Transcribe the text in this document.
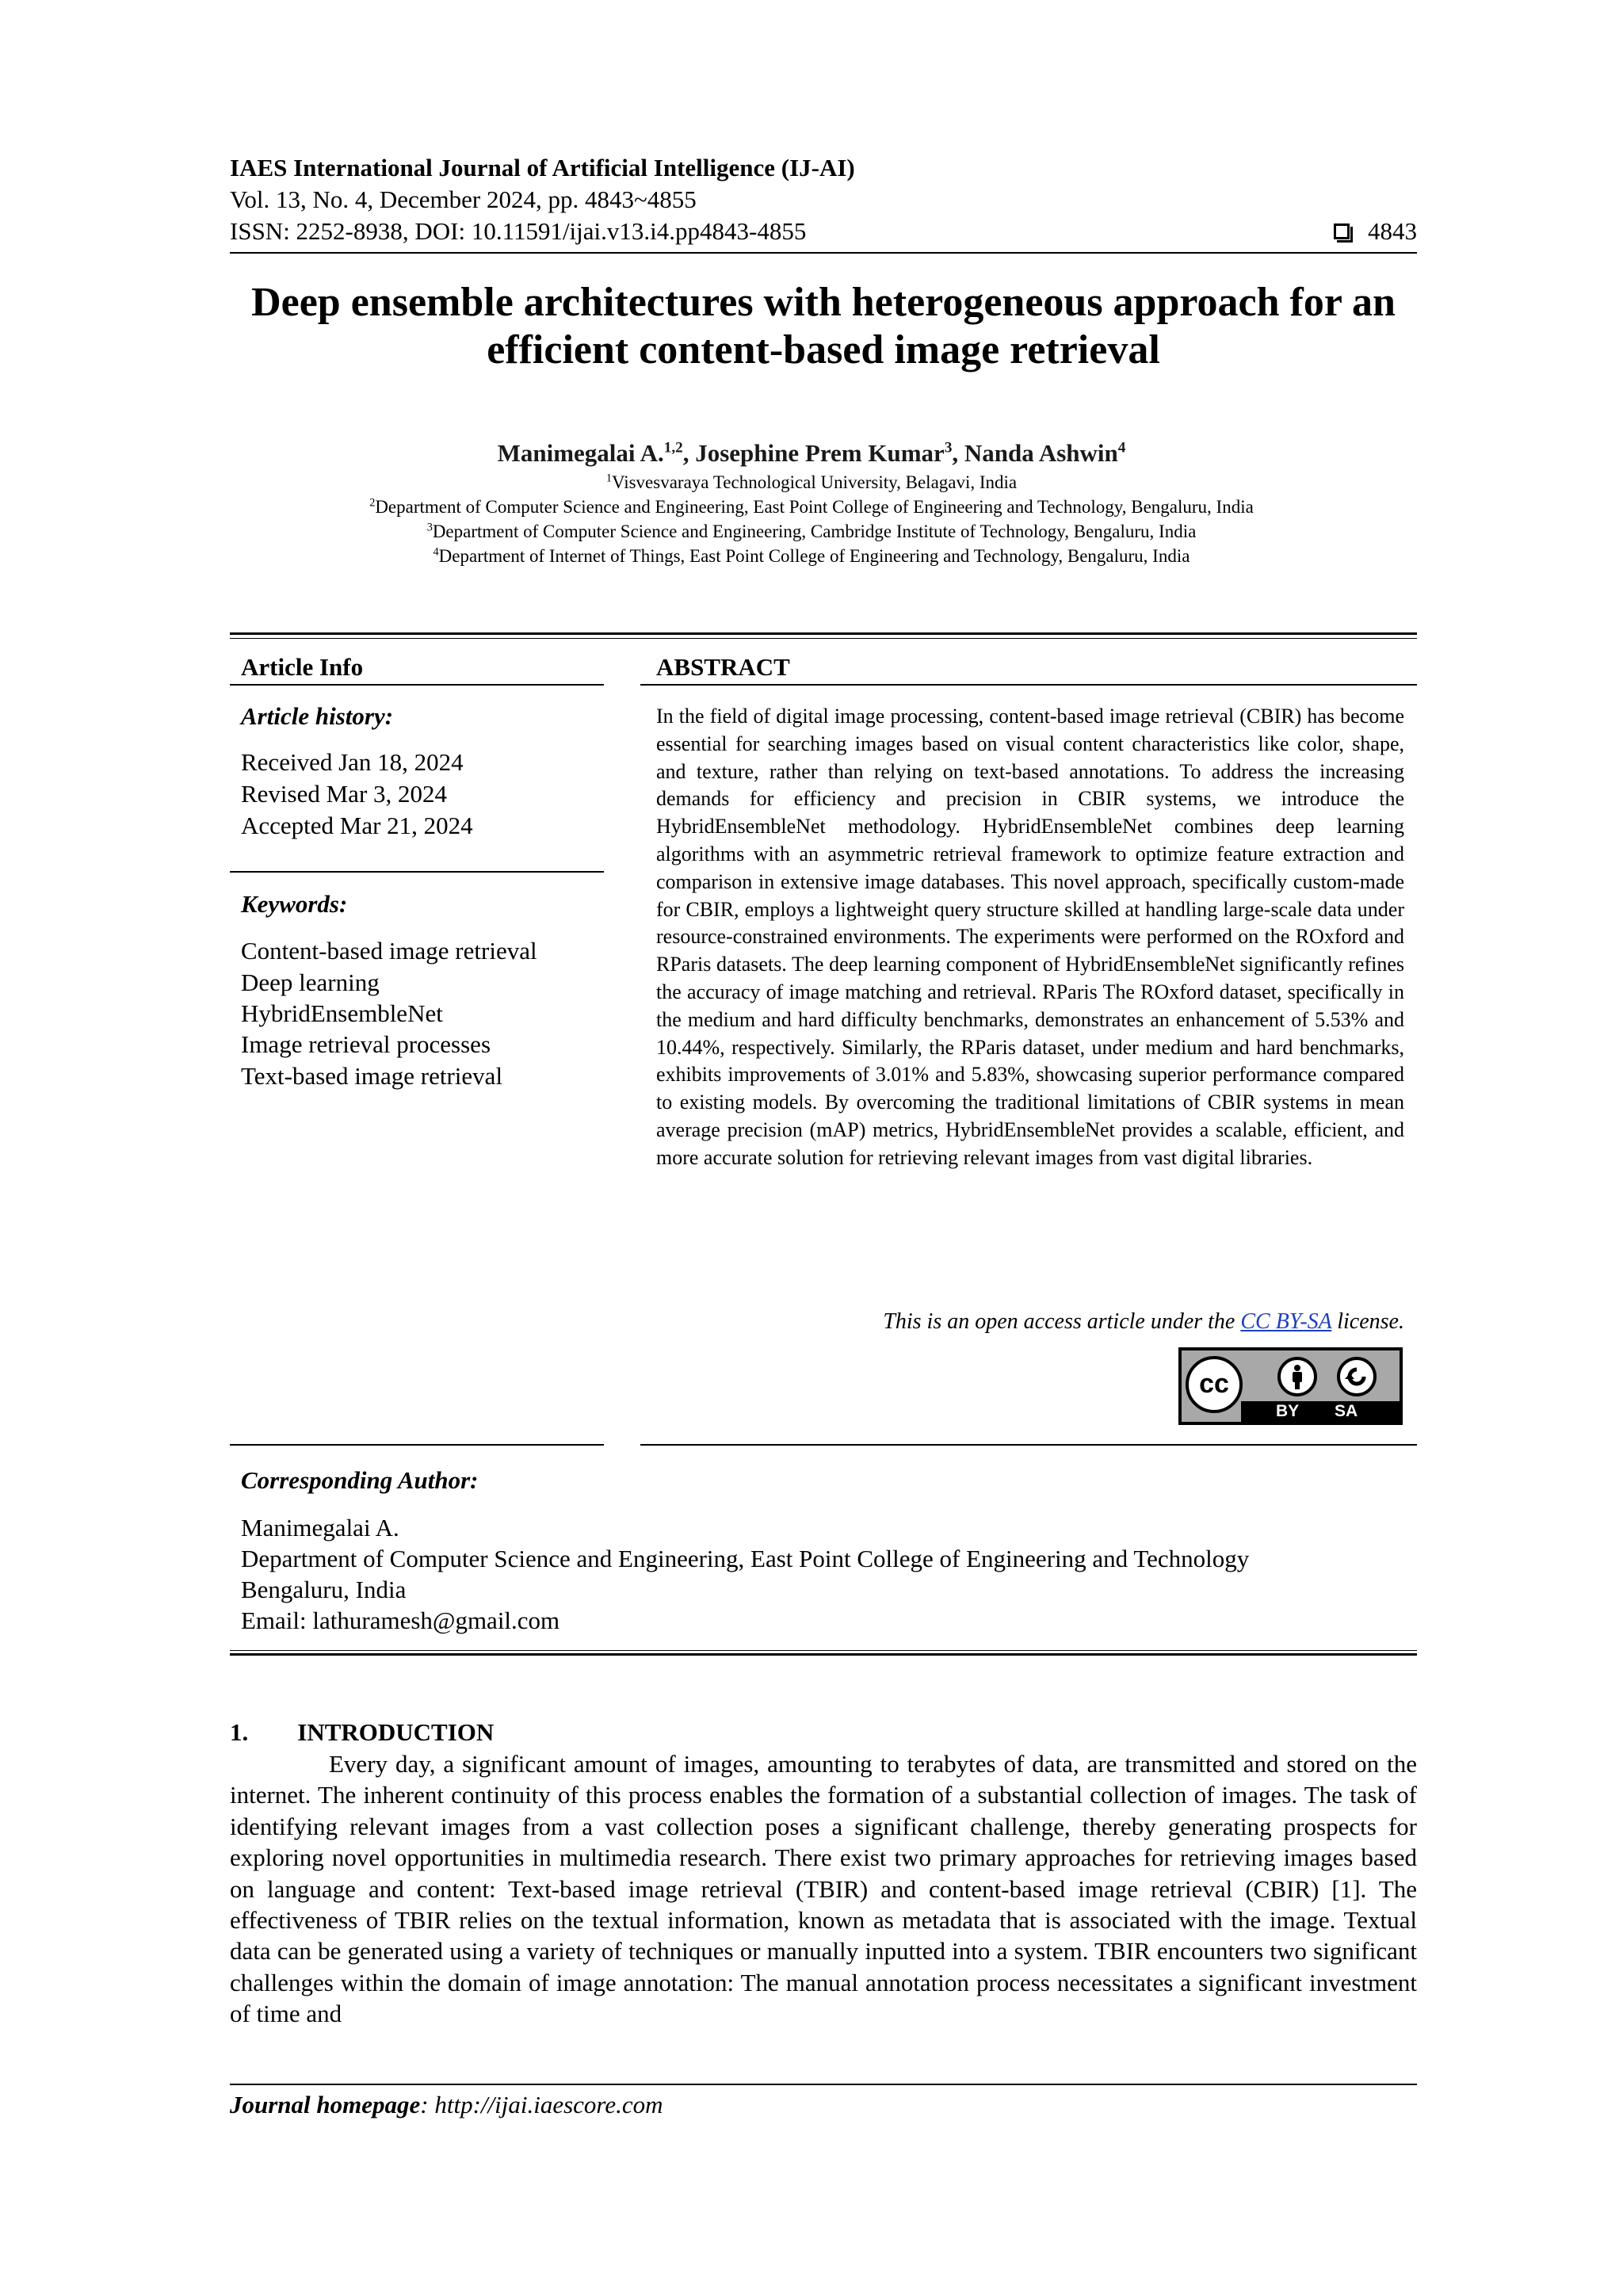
IAES International Journal of Artificial Intelligence (IJ-AI)
Vol. 13, No. 4, December 2024, pp. 4843~4855
ISSN: 2252-8938, DOI: 10.11591/ijai.v13.i4.pp4843-4855	4843
Deep ensemble architectures with heterogeneous approach for an efficient content-based image retrieval
Manimegalai A.$^{1,2}$, Josephine Prem Kumar$^3$, Nanda Ashwin$^4$
$^1$Visvesvaraya Technological University, Belagavi, India
$^2$Department of Computer Science and Engineering, East Point College of Engineering and Technology, Bengaluru, India
$^3$Department of Computer Science and Engineering, Cambridge Institute of Technology, Bengaluru, India
$^4$Department of Internet of Things, East Point College of Engineering and Technology, Bengaluru, India
Article Info
Article history:
Received Jan 18, 2024
Revised Mar 3, 2024
Accepted Mar 21, 2024
Keywords:
Content-based image retrieval
Deep learning
HybridEnsembleNet
Image retrieval processes
Text-based image retrieval
ABSTRACT

In the field of digital image processing, content-based image retrieval (CBIR) has become essential for searching images based on visual content characteristics like color, shape, and texture, rather than relying on text-based annotations. To address the increasing demands for efficiency and precision in CBIR systems, we introduce the HybridEnsembleNet methodology. HybridEnsembleNet combines deep learning algorithms with an asymmetric retrieval framework to optimize feature extraction and comparison in extensive image databases. This novel approach, specifically custom-made for CBIR, employs a lightweight query structure skilled at handling large-scale data under resource-constrained environments. The experiments were performed on the ROxford and RParis datasets. The deep learning component of HybridEnsembleNet significantly refines the accuracy of image matching and retrieval. RParis The ROxford dataset, specifically in the medium and hard difficulty benchmarks, demonstrates an enhancement of 5.53% and 10.44%, respectively. Similarly, the RParis dataset, under medium and hard benchmarks, exhibits improvements of 3.01% and 5.83%, showcasing superior performance compared to existing models. By overcoming the traditional limitations of CBIR systems in mean average precision (mAP) metrics, HybridEnsembleNet provides a scalable, efficient, and more accurate solution for retrieving relevant images from vast digital libraries.

This is an open access article under the CC BY-SA license.
BY SA
cc
Corresponding Author:
Manimegalai A.
Department of Computer Science and Engineering, East Point College of Engineering and Technology
Bengaluru, India
Email: lathuramesh@gmail.com
1.  INTRODUCTION

Every day, a significant amount of images, amounting to terabytes of data, are transmitted and stored on the internet. The inherent continuity of this process enables the formation of a substantial collection of images. The task of identifying relevant images from a vast collection poses a significant challenge, thereby generating prospects for exploring novel opportunities in multimedia research. There exist two primary approaches for retrieving images based on language and content: Text-based image retrieval (TBIR) and content-based image retrieval (CBIR) [1]. The effectiveness of TBIR relies on the textual information, known as metadata that is associated with the image. Textual data can be generated using a variety of techniques or manually inputted into a system. TBIR encounters two significant challenges within the domain of image annotation: The manual annotation process necessitates a significant investment of time and

Journal homepage: http://ijai.iaescore.com
